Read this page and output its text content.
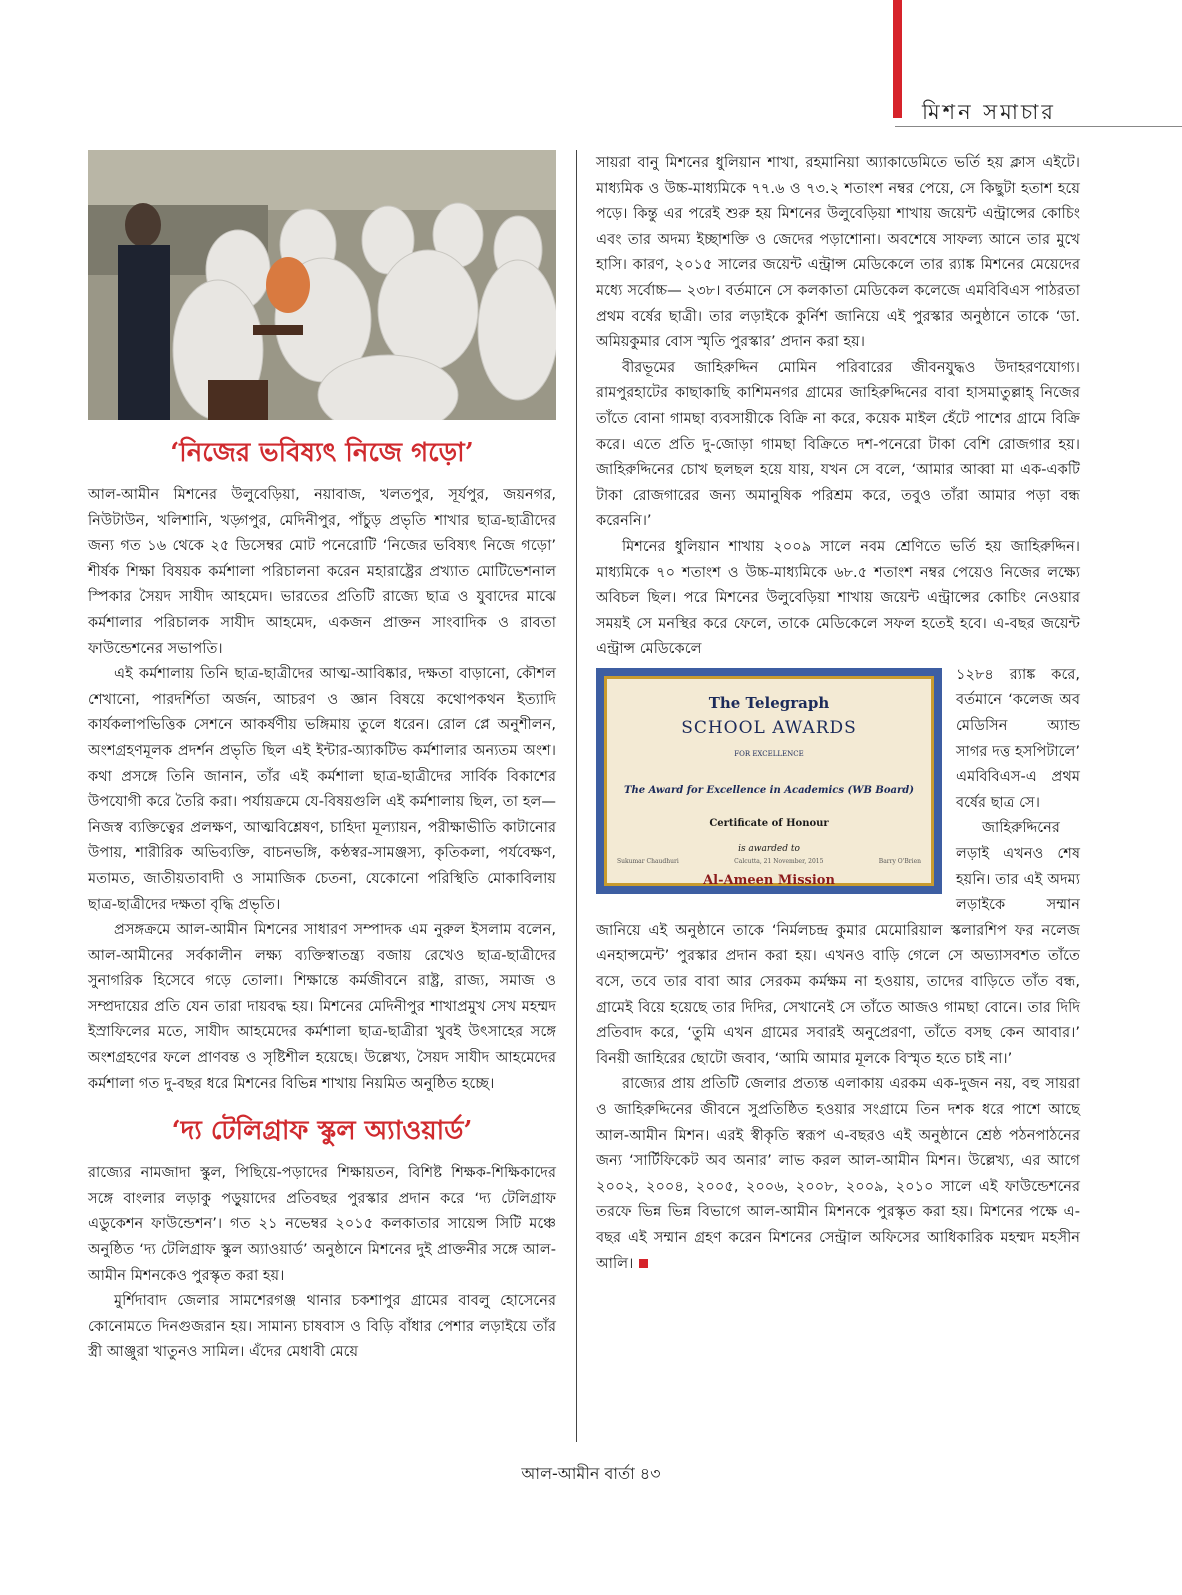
মিশন সমাচার
‘নিজের ভবিষ্যৎ নিজে গড়ো’

আল-আমীন মিশনের উলুবেড়িয়া, নয়াবাজ, খলতপুর, সূর্যপুর, জয়নগর, নিউটাউন, খলিশানি, খড়্গপুর, মেদিনীপুর, পাঁচুড় প্রভৃতি শাখার ছাত্র-ছাত্রীদের জন্য গত ১৬ থেকে ২৫ ডিসেম্বর মোট পনেরোটি ‘নিজের ভবিষ্যৎ নিজে গড়ো’ শীর্ষক শিক্ষা বিষয়ক কর্মশালা পরিচালনা করেন মহারাষ্ট্রের প্রখ্যাত মোটিভেশনাল স্পিকার সৈয়দ সাযীদ আহমেদ। ভারতের প্রতিটি রাজ্যে ছাত্র ও যুবাদের মাঝে কর্মশালার পরিচালক সাযীদ আহমেদ, একজন প্রাক্তন সাংবাদিক ও রাবতা ফাউন্ডেশনের সভাপতি।

এই কর্মশালায় তিনি ছাত্র-ছাত্রীদের আত্ম-আবিষ্কার, দক্ষতা বাড়ানো, কৌশল শেখানো, পারদর্শিতা অর্জন, আচরণ ও জ্ঞান বিষয়ে কথোপকথন ইত্যাদি কার্যকলাপভিত্তিক সেশনে আকর্ষণীয় ভঙ্গিমায় তুলে ধরেন। রোল প্লে অনুশীলন, অংশগ্রহণমূলক প্রদর্শন প্রভৃতি ছিল এই ইন্টার-অ্যাকটিভ কর্মশালার অন্যতম অংশ। কথা প্রসঙ্গে তিনি জানান, তাঁর এই কর্মশালা ছাত্র-ছাত্রীদের সার্বিক বিকাশের উপযোগী করে তৈরি করা। পর্যায়ক্রমে যে-বিষয়গুলি এই কর্মশালায় ছিল, তা হল— নিজস্ব ব্যক্তিত্বের প্রলক্ষণ, আত্মবিশ্লেষণ, চাহিদা মূল্যায়ন, পরীক্ষাভীতি কাটানোর উপায়, শারীরিক অভিব্যক্তি, বাচনভঙ্গি, কণ্ঠস্বর-সামঞ্জস্য, কৃতিকলা, পর্যবেক্ষণ, মতামত, জাতীয়তাবাদী ও সামাজিক চেতনা, যেকোনো পরিস্থিতি মোকাবিলায় ছাত্র-ছাত্রীদের দক্ষতা বৃদ্ধি প্রভৃতি।

প্রসঙ্গক্রমে আল-আমীন মিশনের সাধারণ সম্পাদক এম নুরুল ইসলাম বলেন, আল-আমীনের সর্বকালীন লক্ষ্য ব্যক্তিস্বাতন্ত্র্য বজায় রেখেও ছাত্র-ছাত্রীদের সুনাগরিক হিসেবে গড়ে তোলা। শিক্ষান্তে কর্মজীবনে রাষ্ট্র, রাজ্য, সমাজ ও সম্প্রদায়ের প্রতি যেন তারা দায়বদ্ধ হয়। মিশনের মেদিনীপুর শাখাপ্রমুখ সেখ মহম্মদ ইস্রাফিলের মতে, সাযীদ আহমেদের কর্মশালা ছাত্র-ছাত্রীরা খুবই উৎসাহের সঙ্গে অংশগ্রহণের ফলে প্রাণবন্ত ও সৃষ্টিশীল হয়েছে। উল্লেখ্য, সৈয়দ সাযীদ আহমেদের কর্মশালা গত দু-বছর ধরে মিশনের বিভিন্ন শাখায় নিয়মিত অনুষ্ঠিত হচ্ছে।

‘দ্য টেলিগ্রাফ স্কুল অ্যাওয়ার্ড’

রাজ্যের নামজাদা স্কুল, পিছিয়ে-পড়াদের শিক্ষায়তন, বিশিষ্ট শিক্ষক-শিক্ষিকাদের সঙ্গে বাংলার লড়াকু পড়ুয়াদের প্রতিবছর পুরস্কার প্রদান করে ‘দ্য টেলিগ্রাফ এডুকেশন ফাউন্ডেশন’। গত ২১ নভেম্বর ২০১৫ কলকাতার সায়েন্স সিটি মঞ্চে অনুষ্ঠিত ‘দ্য টেলিগ্রাফ স্কুল অ্যাওয়ার্ড’ অনুষ্ঠানে মিশনের দুই প্রাক্তনীর সঙ্গে আল-আমীন মিশনকেও পুরস্কৃত করা হয়।

মুর্শিদাবাদ জেলার সামশেরগঞ্জ থানার চকশাপুর গ্রামের বাবলু হোসেনের কোনোমতে দিনগুজরান হয়। সামান্য চাষবাস ও বিড়ি বাঁধার পেশার লড়াইয়ে তাঁর স্ত্রী আঞ্জুরা খাতুনও সামিল। এঁদের মেধাবী মেয়ে

সায়রা বানু মিশনের ধুলিয়ান শাখা, রহমানিয়া অ্যাকাডেমিতে ভর্তি হয় ক্লাস এইটে। মাধ্যমিক ও উচ্চ-মাধ্যমিকে ৭৭.৬ ও ৭৩.২ শতাংশ নম্বর পেয়ে, সে কিছুটা হতাশ হয়ে পড়ে। কিন্তু এর পরেই শুরু হয় মিশনের উলুবেড়িয়া শাখায় জয়েন্ট এন্ট্রান্সের কোচিং এবং তার অদম্য ইচ্ছাশক্তি ও জেদের পড়াশোনা। অবশেষে সাফল্য আনে তার মুখে হাসি। কারণ, ২০১৫ সালের জয়েন্ট এন্ট্রান্স মেডিকেলে তার র‍্যাঙ্ক মিশনের মেয়েদের মধ্যে সর্বোচ্চ— ২৩৮। বর্তমানে সে কলকাতা মেডিকেল কলেজে এমবিবিএস পাঠরতা প্রথম বর্ষের ছাত্রী। তার লড়াইকে কুর্নিশ জানিয়ে এই পুরস্কার অনুষ্ঠানে তাকে ‘ডা. অমিয়কুমার বোস স্মৃতি পুরস্কার’ প্রদান করা হয়।

বীরভূমের জাহিরুদ্দিন মোমিন পরিবারের জীবনযুদ্ধও উদাহরণযোগ্য। রামপুরহাটের কাছাকাছি কাশিমনগর গ্রামের জাহিরুদ্দিনের বাবা হাসমাতুল্লাহ্ নিজের তাঁতে বোনা গামছা ব্যবসায়ীকে বিক্রি না করে, কয়েক মাইল হেঁটে পাশের গ্রামে বিক্রি করে। এতে প্রতি দু-জোড়া গামছা বিক্রিতে দশ-পনেরো টাকা বেশি রোজগার হয়। জাহিরুদ্দিনের চোখ ছলছল হয়ে যায়, যখন সে বলে, ‘আমার আব্বা মা এক-একটি টাকা রোজগারের জন্য অমানুষিক পরিশ্রম করে, তবুও তাঁরা আমার পড়া বন্ধ করেননি।’

মিশনের ধুলিয়ান শাখায় ২০০৯ সালে নবম শ্রেণিতে ভর্তি হয় জাহিরুদ্দিন। মাধ্যমিকে ৭০ শতাংশ ও উচ্চ-মাধ্যমিকে ৬৮.৫ শতাংশ নম্বর পেয়েও নিজের লক্ষ্যে অবিচল ছিল। পরে মিশনের উলুবেড়িয়া শাখায় জয়েন্ট এন্ট্রান্সের কোচিং নেওয়ার সময়ই সে মনস্থির করে ফেলে, তাকে মেডিকেলে সফল হতেই হবে। এ-বছর জয়েন্ট এন্ট্রান্স মেডিকেলে

The Telegraph
SCHOOL AWARDS
FOR EXCELLENCE
The Award for Excellence in Academics (WB Board)
Certificate of Honour
is awarded to
Al-Ameen Mission
Sukumar Chaudhuri	Calcutta, 21 November, 2015	Barry O'Brien

১২৮৪ র‍্যাঙ্ক করে, বর্তমানে ‘কলেজ অব মেডিসিন অ্যান্ড সাগর দত্ত হসপিটালে’ এমবিবিএস-এ প্রথম বর্ষের ছাত্র সে।

জাহিরুদ্দিনের লড়াই এখনও শেষ হয়নি। তার এই অদম্য লড়াইকে সম্মান জানিয়ে এই অনুষ্ঠানে তাকে ‘নির্মলচন্দ্র কুমার মেমোরিয়াল স্কলারশিপ ফর নলেজ এনহান্সমেন্ট’ পুরস্কার প্রদান করা হয়। এখনও বাড়ি গেলে সে অভ্যাসবশত তাঁতে বসে, তবে তার বাবা আর সেরকম কর্মক্ষম না হওয়ায়, তাদের বাড়িতে তাঁত বন্ধ, গ্রামেই বিয়ে হয়েছে তার দিদির, সেখানেই সে তাঁতে আজও গামছা বোনে। তার দিদি প্রতিবাদ করে, ‘তুমি এখন গ্রামের সবারই অনুপ্রেরণা, তাঁতে বসছ কেন আবার।’ বিনয়ী জাহিরের ছোটো জবাব, ‘আমি আমার মূলকে বিস্মৃত হতে চাই না।’

রাজ্যের প্রায় প্রতিটি জেলার প্রত্যন্ত এলাকায় এরকম এক-দুজন নয়, বহু সায়রা ও জাহিরুদ্দিনের জীবনে সুপ্রতিষ্ঠিত হওয়ার সংগ্রামে তিন দশক ধরে পাশে আছে আল-আমীন মিশন। এরই স্বীকৃতি স্বরূপ এ-বছরও এই অনুষ্ঠানে শ্রেষ্ঠ পঠনপাঠনের জন্য ‘সার্টিফিকেট অব অনার’ লাভ করল আল-আমীন মিশন। উল্লেখ্য, এর আগে ২০০২, ২০০৪, ২০০৫, ২০০৬, ২০০৮, ২০০৯, ২০১০ সালে এই ফাউন্ডেশনের তরফে ভিন্ন ভিন্ন বিভাগে আল-আমীন মিশনকে পুরস্কৃত করা হয়। মিশনের পক্ষে এ-বছর এই সম্মান গ্রহণ করেন মিশনের সেন্ট্রাল অফিসের আধিকারিক মহম্মদ মহসীন আলি।

আল-আমীন বার্তা ৪৩
